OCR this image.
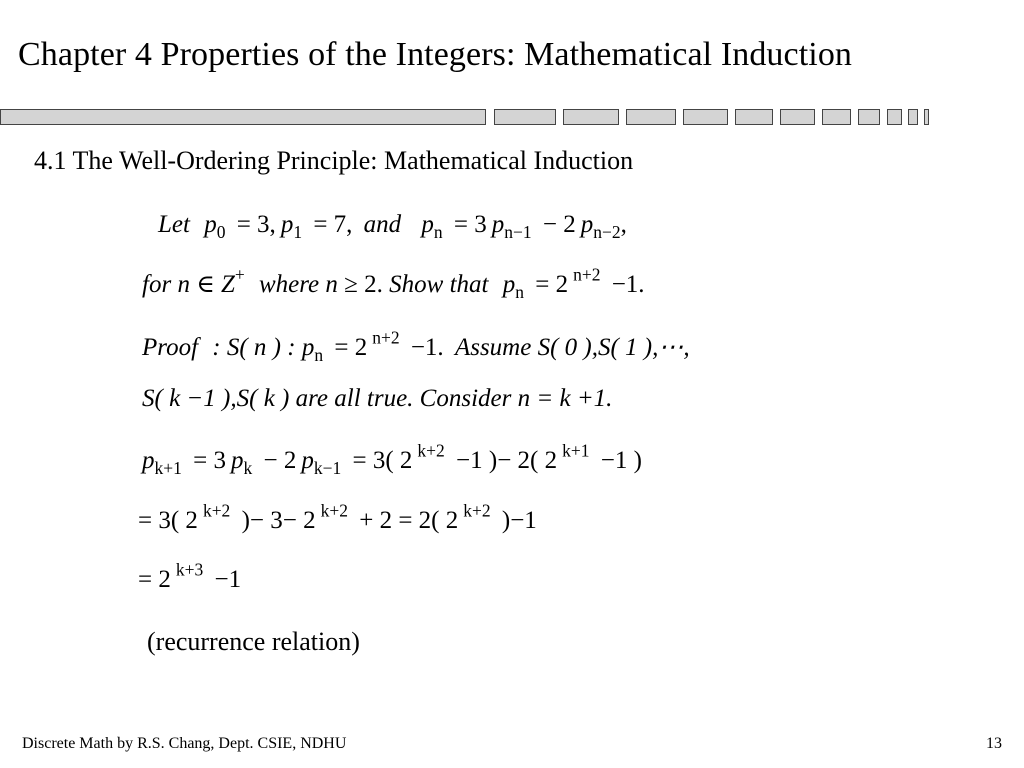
Chapter 4 Properties of the Integers: Mathematical Induction
4.1 The Well-Ordering Principle: Mathematical Induction
Let $p_0 = 3$, $p_1 = 7$, and $p_n = 3$ $p_{n-1} - 2$ $p_{n-2}$,
for n ∈ Z+ where n ≥ 2. Show that $p_n = 2$ $^{n+2}$ −1.
Proof : S( n ) : $p_n = 2$ $^{n+2}$ −1. Assume S( 0 ),S( 1 ),⋯,
S( k −1 ),S( k ) are all true. Consider n = k +1.
$p_{k+1} = 3$ $p_k - 2$ $p_{k-1} = 3$( 2 $^{k+2}$ −1 )− 2( 2 $^{k+1}$ −1 )
= 3( 2 $^{k+2}$ )− 3− 2 $^{k+2}$ + 2 = 2( 2 $^{k+2}$ )−1
= 2 $^{k+3}$ −1
(recurrence relation)
Discrete Math by R.S. Chang, Dept. CSIE, NDHU	13
